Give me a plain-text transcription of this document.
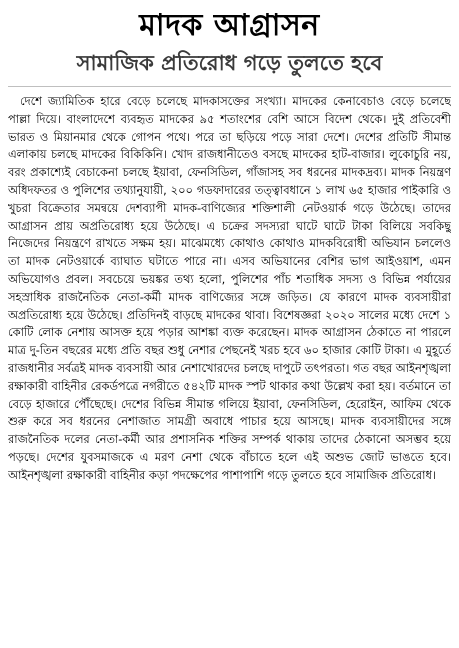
মাদক আগ্রাসন
সামাজিক প্রতিরোধ গড়ে তুলতে হবে

দেশে জ্যামিতিক হারে বেড়ে চলেছে মাদকাসক্তের সংখ্যা। মাদকের কেনাবেচাও বেড়ে চলেছে পাল্লা দিয়ে। বাংলাদেশে ব্যবহৃত মাদকের ৯৫ শতাংশের বেশি আসে বিদেশ থেকে। দুই প্রতিবেশী ভারত ও মিয়ানমার থেকে গোপন পথে। পরে তা ছড়িয়ে পড়ে সারা দেশে। দেশের প্রতিটি সীমান্ত এলাকায় চলছে মাদকের বিকিকিনি। খোদ রাজধানীতেও বসছে মাদকের হাট-বাজার। লুকোচুরি নয়, বরং প্রকাশ্যেই বেচাকেনা চলছে ইয়াবা, ফেনসিডিল, গাঁজাসহ সব ধরনের মাদকদ্রব্য। মাদক নিয়ন্ত্রণ অধিদফতর ও পুলিশের তথ্যানুযায়ী, ২০০ গডফাদারের তত্ত্বাবধানে ১ লাখ ৬৫ হাজার পাইকারি ও খুচরা বিক্রেতার সমন্বয়ে দেশব্যাপী মাদক-বাণিজ্যের শক্তিশালী নেটওয়ার্ক গড়ে উঠেছে। তাদের আগ্রাসন প্রায় অপ্রতিরোধ্য হয়ে উঠেছে। এ চক্রের সদস্যরা ঘাটে ঘাটে টাকা বিলিয়ে সবকিছু নিজেদের নিয়ন্ত্রণে রাখতে সক্ষম হয়। মাঝেমধ্যে কোথাও কোথাও মাদকবিরোধী অভিযান চললেও তা মাদক নেটওয়ার্কে ব্যাঘাত ঘটাতে পারে না। এসব অভিযানের বেশির ভাগ আইওয়াশ, এমন অভিযোগও প্রবল। সবচেয়ে ভয়ঙ্কর তথ্য হলো, পুলিশের পাঁচ শতাধিক সদস্য ও বিভিন্ন পর্যায়ের সহস্রাধিক রাজনৈতিক নেতা-কর্মী মাদক বাণিজ্যের সঙ্গে জড়িত। যে কারণে মাদক ব্যবসায়ীরা অপ্রতিরোধ্য হয়ে উঠেছে। প্রতিদিনই বাড়ছে মাদকের থাবা। বিশেষজ্ঞরা ২০২০ সালের মধ্যে দেশে ১ কোটি লোক নেশায় আসক্ত হয়ে পড়ার আশঙ্কা ব্যক্ত করেছেন। মাদক আগ্রাসন ঠেকাতে না পারলে মাত্র দু-তিন বছরের মধ্যে প্রতি বছর শুধু নেশার পেছনেই খরচ হবে ৬০ হাজার কোটি টাকা। এ মুহূর্তে রাজধানীর সর্বত্রই মাদক ব্যবসায়ী আর নেশাখোরদের চলছে দাপুটে তৎপরতা। গত বছর আইনশৃঙ্খলা রক্ষাকারী বাহিনীর রেকর্ডপত্রে নগরীতে ৫৪২টি মাদক স্পট থাকার কথা উল্লেখ করা হয়। বর্তমানে তা বেড়ে হাজারে পৌঁছেছে। দেশের বিভিন্ন সীমান্ত গলিয়ে ইয়াবা, ফেনসিডিল, হেরোইন, আফিম থেকে শুরু করে সব ধরনের নেশাজাত সামগ্রী অবাধে পাচার হয়ে আসছে। মাদক ব্যবসায়ীদের সঙ্গে রাজনৈতিক দলের নেতা-কর্মী আর প্রশাসনিক শক্তির সম্পর্ক থাকায় তাদের ঠেকানো অসম্ভব হয়ে পড়ছে। দেশের যুবসমাজকে এ মরণ নেশা থেকে বাঁচাতে হলে এই অশুভ জোট ভাঙতে হবে। আইনশৃঙ্খলা রক্ষাকারী বাহিনীর কড়া পদক্ষেপের পাশাপাশি গড়ে তুলতে হবে সামাজিক প্রতিরোধ।
